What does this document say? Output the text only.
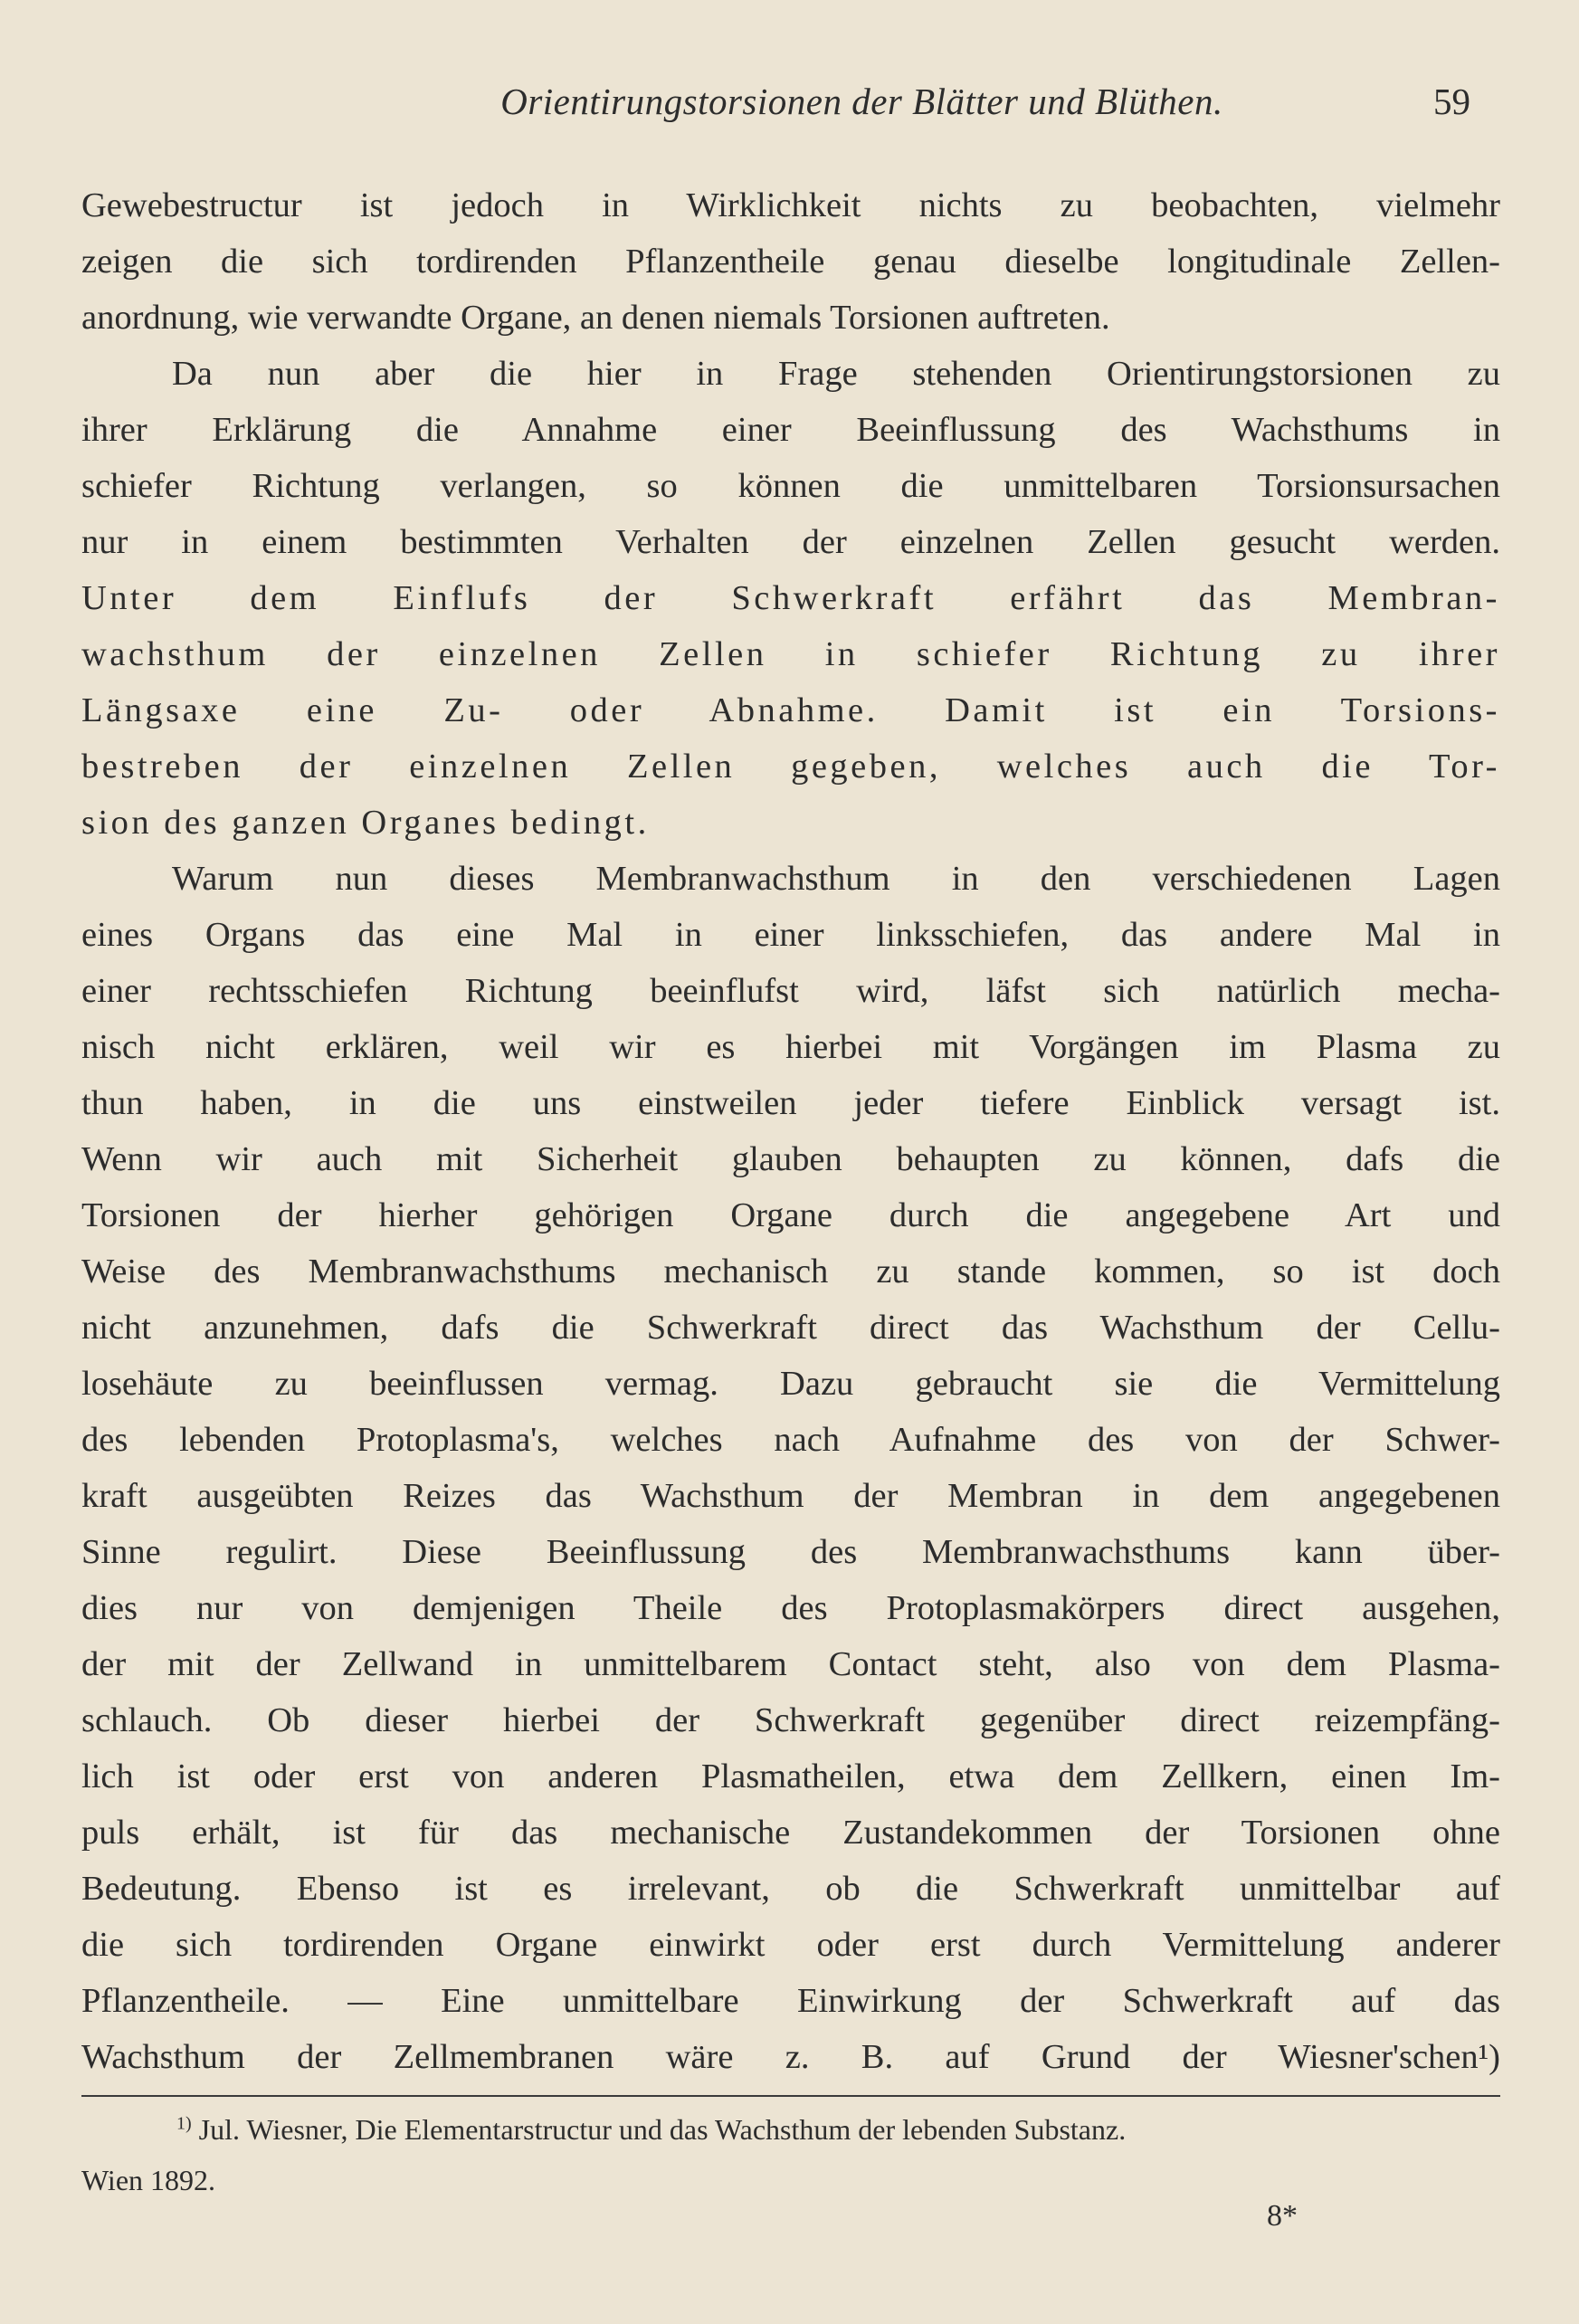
Orientirungstorsionen der Blätter und Blüthen.	59
Gewebestructur ist jedoch in Wirklichkeit nichts zu beobachten, vielmehr
zeigen die sich tordirenden Pflanzentheile genau dieselbe longitudinale Zellen-
anordnung, wie verwandte Organe, an denen niemals Torsionen auftreten.
Da nun aber die hier in Frage stehenden Orientirungstorsionen zu
ihrer Erklärung die Annahme einer Beeinflussung des Wachsthums in
schiefer Richtung verlangen, so können die unmittelbaren Torsionsursachen
nur in einem bestimmten Verhalten der einzelnen Zellen gesucht werden.
Unter dem Einflufs der Schwerkraft erfährt das Membran-
wachsthum der einzelnen Zellen in schiefer Richtung zu ihrer
Längsaxe eine Zu- oder Abnahme. Damit ist ein Torsions-
bestreben der einzelnen Zellen gegeben, welches auch die Tor-
sion des ganzen Organes bedingt.
Warum nun dieses Membranwachsthum in den verschiedenen Lagen
eines Organs das eine Mal in einer linksschiefen, das andere Mal in
einer rechtsschiefen Richtung beeinflufst wird, läfst sich natürlich mecha-
nisch nicht erklären, weil wir es hierbei mit Vorgängen im Plasma zu
thun haben, in die uns einstweilen jeder tiefere Einblick versagt ist.
Wenn wir auch mit Sicherheit glauben behaupten zu können, dafs die
Torsionen der hierher gehörigen Organe durch die angegebene Art und
Weise des Membranwachsthums mechanisch zu stande kommen, so ist doch
nicht anzunehmen, dafs die Schwerkraft direct das Wachsthum der Cellu-
losehäute zu beeinflussen vermag. Dazu gebraucht sie die Vermittelung
des lebenden Protoplasma's, welches nach Aufnahme des von der Schwer-
kraft ausgeübten Reizes das Wachsthum der Membran in dem angegebenen
Sinne regulirt. Diese Beeinflussung des Membranwachsthums kann über-
dies nur von demjenigen Theile des Protoplasmakörpers direct ausgehen,
der mit der Zellwand in unmittelbarem Contact steht, also von dem Plasma-
schlauch. Ob dieser hierbei der Schwerkraft gegenüber direct reizempfäng-
lich ist oder erst von anderen Plasmatheilen, etwa dem Zellkern, einen Im-
puls erhält, ist für das mechanische Zustandekommen der Torsionen ohne
Bedeutung. Ebenso ist es irrelevant, ob die Schwerkraft unmittelbar auf
die sich tordirenden Organe einwirkt oder erst durch Vermittelung anderer
Pflanzentheile. — Eine unmittelbare Einwirkung der Schwerkraft auf das
Wachsthum der Zellmembranen wäre z. B. auf Grund der Wiesner'schen¹)
$^{1)}$ Jul. Wiesner, Die Elementarstructur und das Wachsthum der lebenden Substanz.
Wien 1892.
8*
